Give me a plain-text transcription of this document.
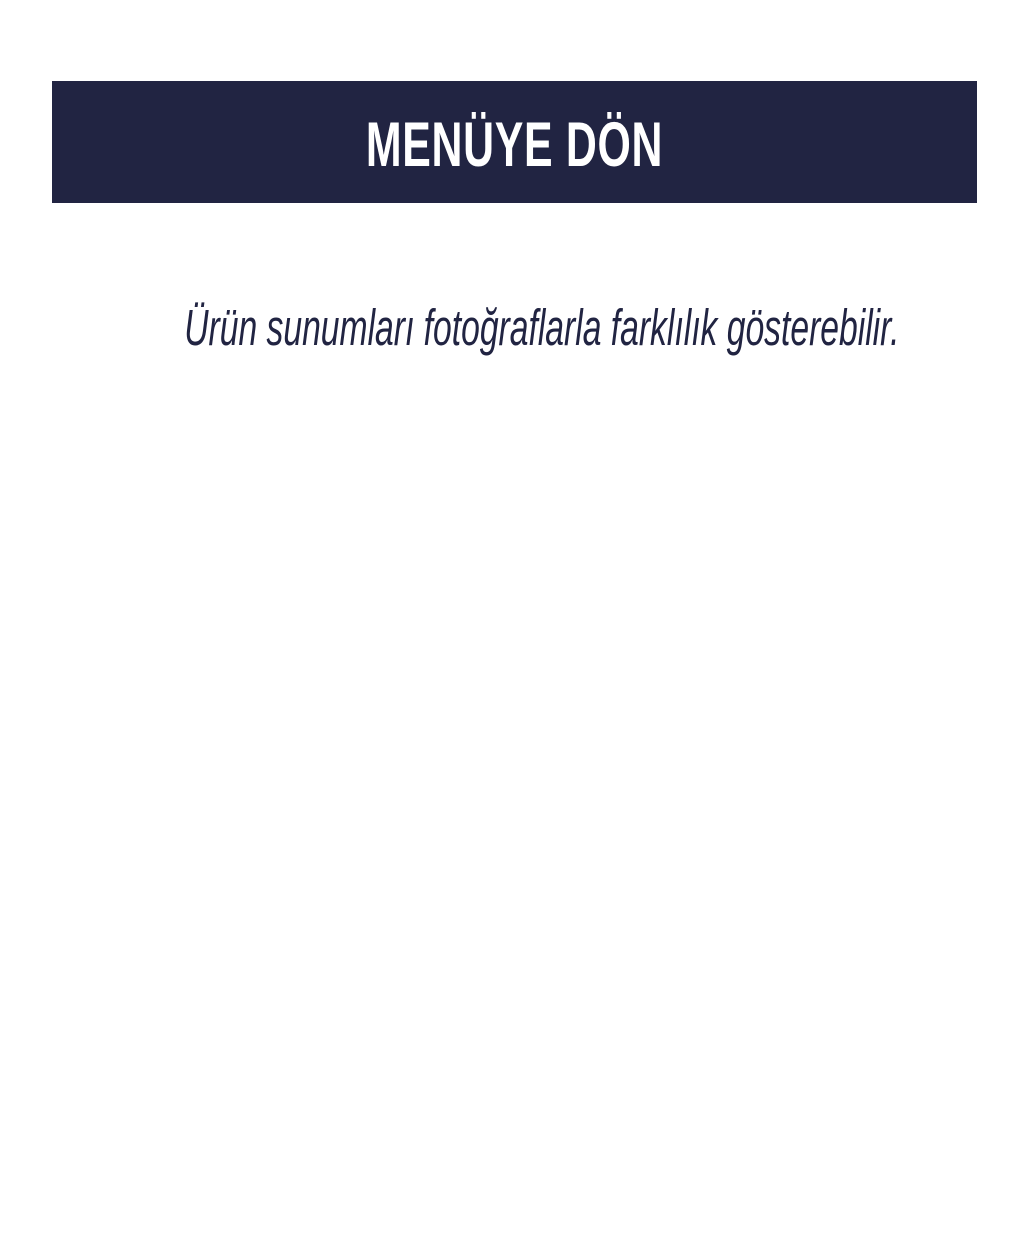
MENÜYE DÖN
Ürün sunumları fotoğraflarla farklılık gösterebilir.
